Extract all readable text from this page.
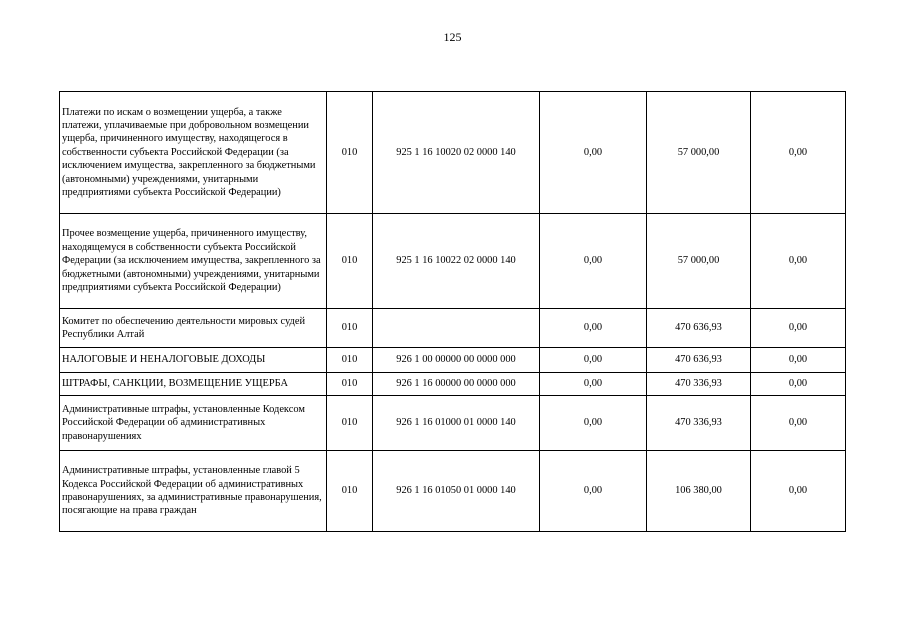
125
Платежи по искам о возмещении ущерба, а также платежи, уплачиваемые при добровольном возмещении ущерба, причиненного имуществу, находящегося в собственности субъекта Российской Федерации (за исключением имущества, закрепленного за бюджетными (автономными) учреждениями, унитарными предприятиями субъекта Российской Федерации)	010	925 1 16 10020 02 0000 140	0,00	57 000,00	0,00
Прочее возмещение ущерба, причиненного имуществу, находящемуся в собственности субъекта Российской Федерации (за исключением имущества, закрепленного за бюджетными (автономными) учреждениями, унитарными предприятиями субъекта Российской Федерации)	010	925 1 16 10022 02 0000 140	0,00	57 000,00	0,00
Комитет по обеспечению деятельности мировых судей Республики Алтай	010		0,00	470 636,93	0,00
НАЛОГОВЫЕ И НЕНАЛОГОВЫЕ ДОХОДЫ	010	926 1 00 00000 00 0000 000	0,00	470 636,93	0,00
ШТРАФЫ, САНКЦИИ, ВОЗМЕЩЕНИЕ УЩЕРБА	010	926 1 16 00000 00 0000 000	0,00	470 336,93	0,00
Административные штрафы, установленные Кодексом Российской Федерации об административных правонарушениях	010	926 1 16 01000 01 0000 140	0,00	470 336,93	0,00
Административные штрафы, установленные главой 5 Кодекса Российской Федерации об административных правонарушениях, за административные правонарушения, посягающие на права граждан	010	926 1 16 01050 01 0000 140	0,00	106 380,00	0,00
